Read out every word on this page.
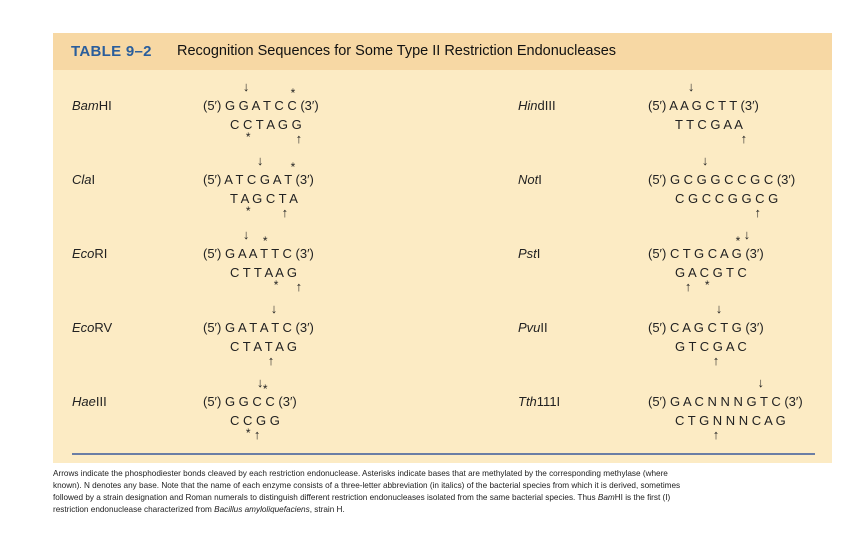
TABLE 9–2 Recognition Sequences for Some Type II Restriction Endonucleases
BamHI	(5′) G G A T C C (3′)
C C T A G G
↓	*
↑
*
ClaI	(5′) A T C G A T (3′)
T A G C T A
↓ *
↑
*
EcoRI	(5′) G A A T T C (3′)
C T T A A G
↓ *
↑
*
EcoRV	(5′) G A T A T C (3′)
C T A T A G
↓
↑
HaeIII	(5′) G G C C (3′)
C C G G
↓ *
↑
*
HindIII	(5′) A A G C T T (3′)
T T C G A A
↓
↑
NotI	(5′) G C G G C C G C (3′)
C G C C G G C G
↓
↑
PstI	(5′) C T G C A G (3′)
G A C G T C
↓
*
↑ *
PvuII	(5′) C A G C T G (3′)
G T C G A C
↓
↑
Tth111I	(5′) G A C N N N G T C (3′)
C T G N N N C A G
↓
↑
Arrows indicate the phosphodiester bonds cleaved by each restriction endonuclease. Asterisks indicate bases that are methylated by the corresponding methylase (where known). N denotes any base. Note that the name of each enzyme consists of a three-letter abbreviation (in italics) of the bacterial species from which it is derived, sometimes followed by a strain designation and Roman numerals to distinguish different restriction endonucleases isolated from the same bacterial species. Thus BamHI is the first (I) restriction endonuclease characterized from Bacillus amyloliquefaciens, strain H.
